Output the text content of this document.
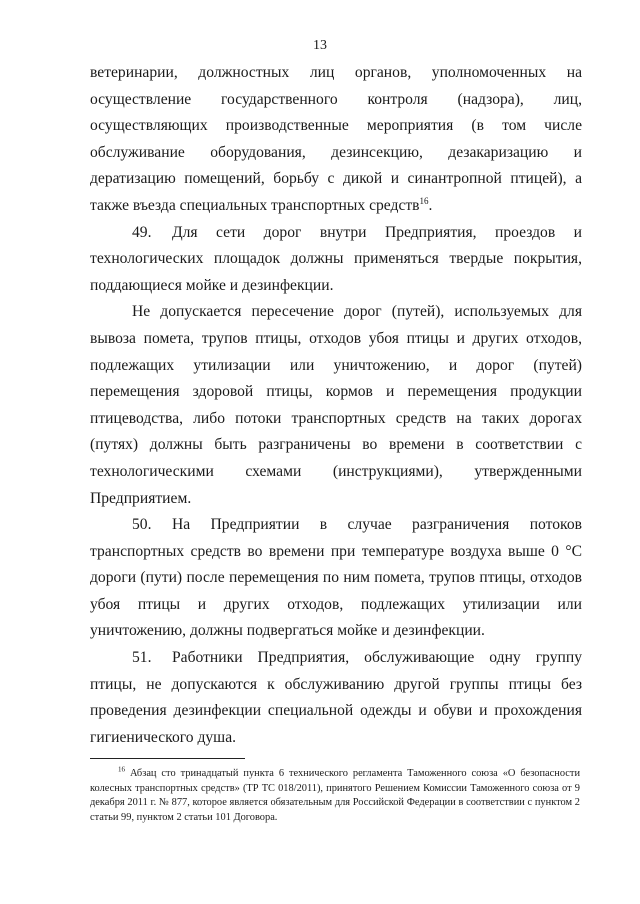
13

ветеринарии, должностных лиц органов, уполномоченных на осуществление государственного контроля (надзора), лиц, осуществляющих производственные мероприятия (в том числе обслуживание оборудования, дезинсекцию, дезакаризацию и дератизацию помещений, борьбу с дикой и синантропной птицей), а также въезда специальных транспортных средств$^{16}$.

49. Для сети дорог внутри Предприятия, проездов и технологических площадок должны применяться твердые покрытия, поддающиеся мойке и дезинфекции.

Не допускается пересечение дорог (путей), используемых для вывоза помета, трупов птицы, отходов убоя птицы и других отходов, подлежащих утилизации или уничтожению, и дорог (путей) перемещения здоровой птицы, кормов и перемещения продукции птицеводства, либо потоки транспортных средств на таких дорогах (путях) должны быть разграничены во времени в соответствии с технологическими схемами (инструкциями), утвержденными Предприятием.

50. На Предприятии в случае разграничения потоков транспортных средств во времени при температуре воздуха выше 0 °С дороги (пути) после перемещения по ним помета, трупов птицы, отходов убоя птицы и других отходов, подлежащих утилизации или уничтожению, должны подвергаться мойке и дезинфекции.

51. Работники Предприятия, обслуживающие одну группу птицы, не допускаются к обслуживанию другой группы птицы без проведения дезинфекции специальной одежды и обуви и прохождения гигиенического душа.

$^{16}$ Абзац сто тринадцатый пункта 6 технического регламента Таможенного союза «О безопасности колесных транспортных средств» (ТР ТС 018/2011), принятого Решением Комиссии Таможенного союза от 9 декабря 2011 г. № 877, которое является обязательным для Российской Федерации в соответствии с пунктом 2 статьи 99, пунктом 2 статьи 101 Договора.
